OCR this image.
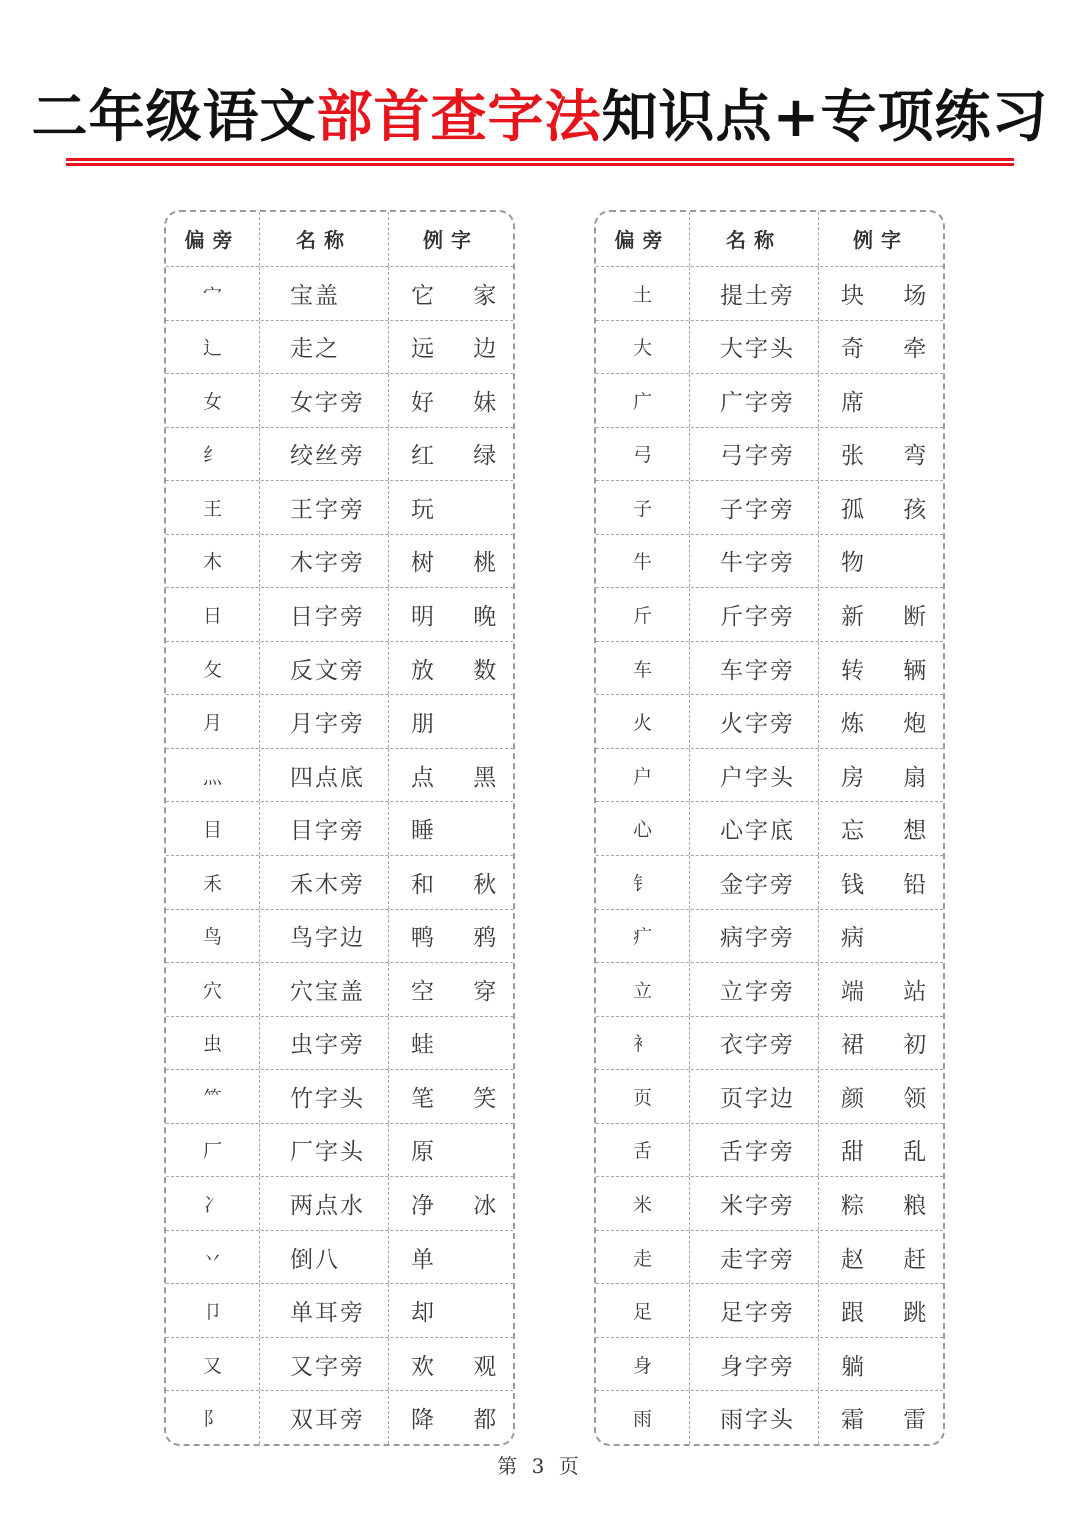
二年级语文部首查字法知识点+专项练习
偏旁	名称	例字
宀	宝盖	它 家
辶	走之	远 边
女	女字旁	好 妹
纟	绞丝旁	红 绿
王	王字旁	玩
木	木字旁	树 桃
日	日字旁	明 晚
攵	反文旁	放 数
月	月字旁	朋
灬	四点底	点 黑
目	目字旁	睡
禾	禾木旁	和 秋
鸟	鸟字边	鸭 鸦
穴	穴宝盖	空 穿
虫	虫字旁	蛙
⺮	竹字头	笔 笑
厂	厂字头	原
冫	两点水	净 冰
丷	倒八	单
卩	单耳旁	却
又	又字旁	欢 观
阝	双耳旁	降 都
偏旁	名称	例字
土	提土旁	块 场
大	大字头	奇 牵
广	广字旁	席
弓	弓字旁	张 弯
子	子字旁	孤 孩
牛	牛字旁	物
斤	斤字旁	新 断
车	车字旁	转 辆
火	火字旁	炼 炮
户	户字头	房 扇
心	心字底	忘 想
钅	金字旁	钱 铅
疒	病字旁	病
立	立字旁	端 站
衤	衣字旁	裙 初
页	页字边	颜 领
舌	舌字旁	甜 乱
米	米字旁	粽 粮
走	走字旁	赵 赶
足	足字旁	跟 跳
身	身字旁	躺
雨	雨字头	霜 雷
第 3 页
